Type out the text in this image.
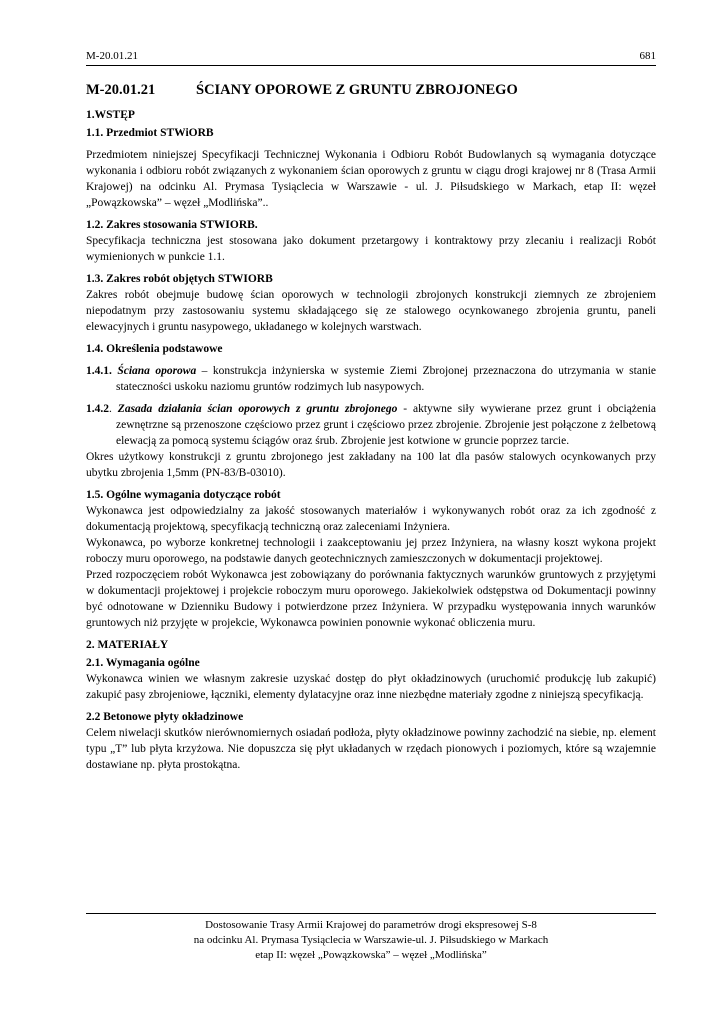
M-20.01.21	681
M-20.01.21	ŚCIANY OPOROWE Z GRUNTU ZBROJONEGO
1.WSTĘP
1.1. Przedmiot STWiORB

Przedmiotem niniejszej Specyfikacji Technicznej Wykonania i Odbioru Robót Budowlanych są wymagania dotyczące wykonania i odbioru robót związanych z wykonaniem ścian oporowych z gruntu w ciągu drogi krajowej nr 8 (Trasa Armii Krajowej) na odcinku Al. Prymasa Tysiąclecia w Warszawie - ul. J. Piłsudskiego w Markach, etap II: węzeł „Powązkowska” – węzeł „Modlińska”..

1.2. Zakres stosowania STWIORB.

Specyfikacja techniczna jest stosowana jako dokument przetargowy i kontraktowy przy zlecaniu i realizacji Robót wymienionych w punkcie 1.1.

1.3. Zakres robót objętych STWIORB

Zakres robót obejmuje budowę ścian oporowych w technologii zbrojonych konstrukcji ziemnych ze zbrojeniem niepodatnym przy zastosowaniu systemu składającego się ze stalowego ocynkowanego zbrojenia gruntu, paneli elewacyjnych i gruntu nasypowego, układanego w kolejnych warstwach.

1.4. Określenia podstawowe
1.4.1. Ściana oporowa – konstrukcja inżynierska w systemie Ziemi Zbrojonej przeznaczona do utrzymania w stanie stateczności uskoku naziomu gruntów rodzimych lub nasypowych.
1.4.2. Zasada działania ścian oporowych z gruntu zbrojonego - aktywne siły wywierane przez grunt i obciążenia zewnętrzne są przenoszone częściowo przez grunt i częściowo przez zbrojenie. Zbrojenie jest połączone z żelbetową elewacją za pomocą systemu ściągów oraz śrub. Zbrojenie jest kotwione w gruncie poprzez tarcie.

Okres użytkowy konstrukcji z gruntu zbrojonego jest zakładany na 100 lat dla pasów stalowych ocynkowanych przy ubytku zbrojenia 1,5mm (PN-83/B-03010).

1.5. Ogólne wymagania dotyczące robót

Wykonawca jest odpowiedzialny za jakość stosowanych materiałów i wykonywanych robót oraz za ich zgodność z dokumentacją projektową, specyfikacją techniczną oraz zaleceniami Inżyniera.

Wykonawca, po wyborze konkretnej technologii i zaakceptowaniu jej przez Inżyniera, na własny koszt wykona projekt roboczy muru oporowego, na podstawie danych geotechnicznych zamieszczonych w dokumentacji projektowej.

Przed rozpoczęciem robót Wykonawca jest zobowiązany do porównania faktycznych warunków gruntowych z przyjętymi w dokumentacji projektowej i projekcie roboczym muru oporowego. Jakiekolwiek odstępstwa od Dokumentacji powinny być odnotowane w Dzienniku Budowy i potwierdzone przez Inżyniera. W przypadku występowania innych warunków gruntowych niż przyjęte w projekcie, Wykonawca powinien ponownie wykonać obliczenia muru.

2. MATERIAŁY
2.1. Wymagania ogólne

Wykonawca winien we własnym zakresie uzyskać dostęp do płyt okładzinowych (uruchomić produkcję lub zakupić) zakupić pasy zbrojeniowe, łączniki, elementy dylatacyjne oraz inne niezbędne materiały zgodne z niniejszą specyfikacją.

2.2 Betonowe płyty okładzinowe

Celem niwelacji skutków nierównomiernych osiadań podłoża, płyty okładzinowe powinny zachodzić na siebie, np. element typu „T” lub płyta krzyżowa. Nie dopuszcza się płyt układanych w rzędach pionowych i poziomych, które są wzajemnie dostawiane np. płyta prostokątna.

Dostosowanie Trasy Armii Krajowej do parametrów drogi ekspresowej S-8
na odcinku Al. Prymasa Tysiąclecia w Warszawie-ul. J. Piłsudskiego w Markach
etap II: węzeł „Powązkowska” – węzeł „Modlińska”
